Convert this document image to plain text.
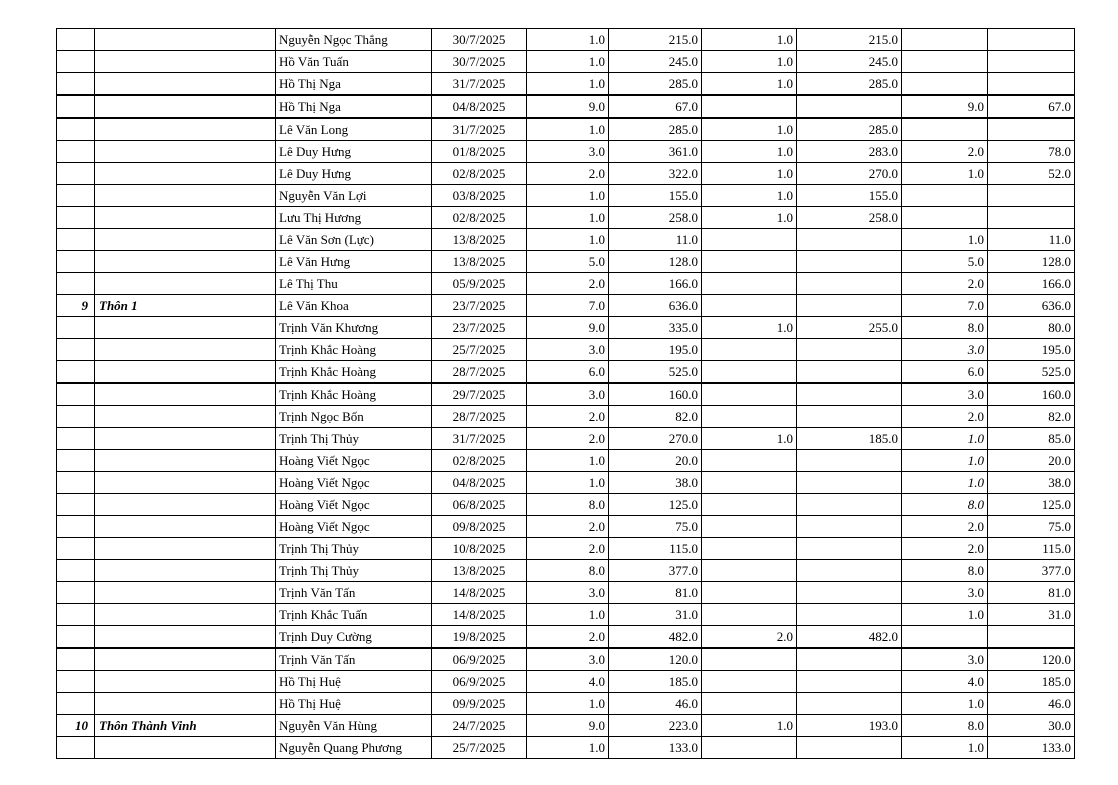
		Nguyễn Ngọc Thắng	30/7/2025	1.0	215.0	1.0	215.0		
		Hồ Văn Tuấn	30/7/2025	1.0	245.0	1.0	245.0		
		Hồ Thị Nga	31/7/2025	1.0	285.0	1.0	285.0		
		Hồ Thị Nga	04/8/2025	9.0	67.0			9.0	67.0
		Lê Văn Long	31/7/2025	1.0	285.0	1.0	285.0		
		Lê Duy Hưng	01/8/2025	3.0	361.0	1.0	283.0	2.0	78.0
		Lê Duy Hưng	02/8/2025	2.0	322.0	1.0	270.0	1.0	52.0
		Nguyễn Văn Lợi	03/8/2025	1.0	155.0	1.0	155.0		
		Lưu Thị Hương	02/8/2025	1.0	258.0	1.0	258.0		
		Lê Văn Sơn (Lực)	13/8/2025	1.0	11.0			1.0	11.0
		Lê Văn Hưng	13/8/2025	5.0	128.0			5.0	128.0
		Lê Thị Thu	05/9/2025	2.0	166.0			2.0	166.0
9	Thôn 1	Lê Văn Khoa	23/7/2025	7.0	636.0			7.0	636.0
		Trịnh Văn Khương	23/7/2025	9.0	335.0	1.0	255.0	8.0	80.0
		Trịnh Khắc Hoàng	25/7/2025	3.0	195.0			3.0	195.0
		Trịnh Khắc Hoàng	28/7/2025	6.0	525.0			6.0	525.0
		Trịnh Khắc Hoàng	29/7/2025	3.0	160.0			3.0	160.0
		Trịnh Ngọc Bốn	28/7/2025	2.0	82.0			2.0	82.0
		Trịnh Thị Thủy	31/7/2025	2.0	270.0	1.0	185.0	1.0	85.0
		Hoàng Viết Ngọc	02/8/2025	1.0	20.0			1.0	20.0
		Hoàng Viết Ngọc	04/8/2025	1.0	38.0			1.0	38.0
		Hoàng Viết Ngọc	06/8/2025	8.0	125.0			8.0	125.0
		Hoàng Viết Ngọc	09/8/2025	2.0	75.0			2.0	75.0
		Trịnh Thị Thủy	10/8/2025	2.0	115.0			2.0	115.0
		Trịnh Thị Thủy	13/8/2025	8.0	377.0			8.0	377.0
		Trịnh Văn Tấn	14/8/2025	3.0	81.0			3.0	81.0
		Trịnh Khắc Tuấn	14/8/2025	1.0	31.0			1.0	31.0
		Trịnh Duy Cường	19/8/2025	2.0	482.0	2.0	482.0		
		Trịnh Văn Tấn	06/9/2025	3.0	120.0			3.0	120.0
		Hồ Thị Huệ	06/9/2025	4.0	185.0			4.0	185.0
		Hồ Thị Huệ	09/9/2025	1.0	46.0			1.0	46.0
10	Thôn Thành Vinh	Nguyễn Văn Hùng	24/7/2025	9.0	223.0	1.0	193.0	8.0	30.0
		Nguyễn Quang Phương	25/7/2025	1.0	133.0			1.0	133.0
